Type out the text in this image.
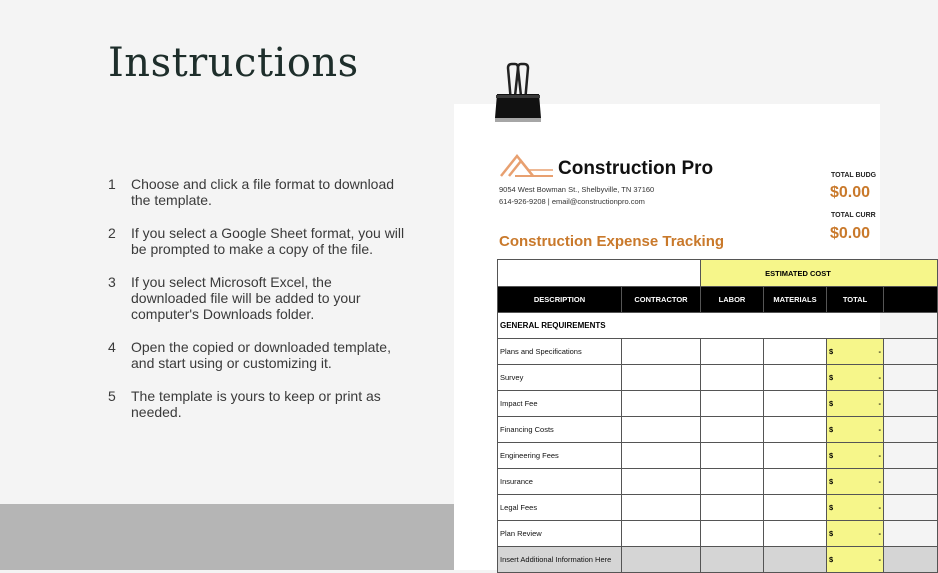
Instructions
1	Choose and click a file format to download the template.
2	If you select a Google Sheet format, you will be prompted to make a copy of the file.
3	If you select Microsoft Excel, the downloaded file will be added to your computer's Downloads folder.
4	Open the copied or downloaded template, and start using or customizing it.
5	The template is yours to keep or print as needed.
Construction Pro
9054 West Bowman St., Shelbyville, TN 37160
614-926-9208 | email@constructionpro.com
TOTAL BUDG
$0.00
TOTAL CURR
$0.00
Construction Expense Tracking

		ESTIMATED COST			

DESCRIPTION	CONTRACTOR	LABOR	MATERIALS	TOTAL	
GENERAL REQUIREMENTS					
Plans and Specifications				$ -	

Survey				$ -	

Impact Fee				$ -	

Financing Costs				$ -	

Engineering Fees				$ -	

Insurance				$ -	

Legal Fees				$ -	

Plan Review				$ -	

Insert Additional Information Here				$ -	
